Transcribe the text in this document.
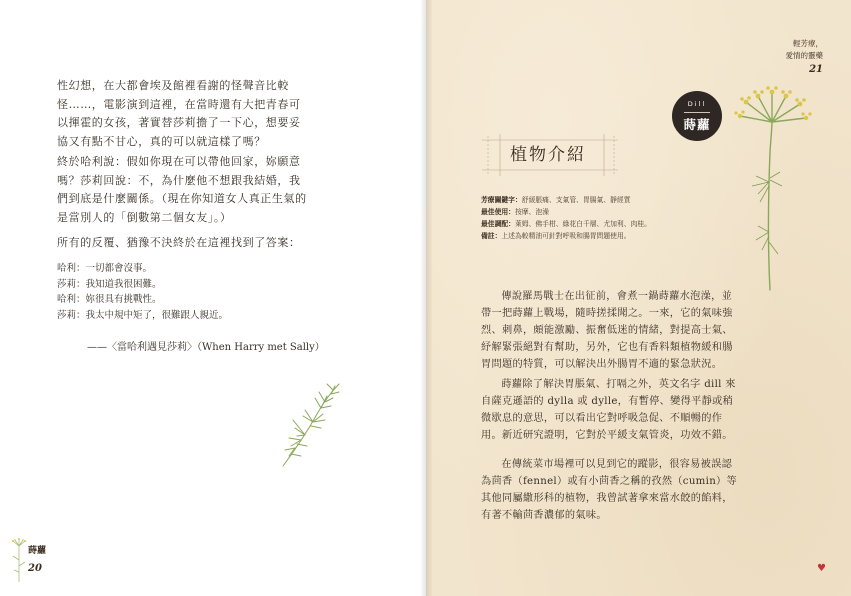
性幻想，在大都會埃及館裡看謝的怪聲音比較怪……，電影演到這裡，在當時還有大把青春可以揮霍的女孩，著實替莎莉擔了一下心，想要妥協又有點不甘心，真的可以就這樣了嗎？

終於哈利說：假如你現在可以帶他回家，妳願意嗎？莎莉回說：不，為什麼他不想跟我結婚，我們到底是什麼關係。（現在你知道女人真正生氣的是當別人的「倒數第二個女友」。）

所有的反覆、猶豫不決終於在這裡找到了答案：

哈利：一切都會沒事。
莎莉：我知道我很困難。
哈利：妳很具有挑戰性。
莎莉：我太中規中矩了，很難跟人親近。
——〈當哈利遇見莎莉〉（When Harry met Sally）
蒔蘿
20
輕芳療，
愛情的靈藥
21
Dill
蒔蘿
植物介紹
芳療關鍵字：舒緩脹痛、支氣管、胃腸氣、靜經質
最佳使用：按摩、泡澡
最佳調配：萊姆、佛手柑、綠花白千層、尤加利、肉桂。
備註：上述為較精油可針對呼吸和腸胃問題使用。

傳說羅馬戰士在出征前，會煮一鍋蒔蘿水泡澡，並帶一把蒔蘿上戰場，隨時搓揉聞之。一來，它的氣味強烈、刺鼻，頗能激勵、振奮低迷的情緒，對提高士氣、紓解緊張絕對有幫助，另外，它也有香料類植物緩和腸胃問題的特質，可以解決出外腸胃不適的緊急狀況。

蒔蘿除了解決胃脹氣、打嗝之外，英文名字 dill 來自薩克遜語的 dylla 或 dylle，有暫停、變得平靜或稍微歇息的意思，可以看出它對呼吸急促、不順暢的作用。新近研究證明，它對於平緩支氣管炎，功效不錯。

在傳統菜市場裡可以見到它的蹤影，很容易被誤認為茴香（fennel）或有小茴香之稱的孜然（cumin）等其他同屬繖形科的植物，我曾試著拿來當水餃的餡料，有著不輸茴香濃郁的氣味。

♥
